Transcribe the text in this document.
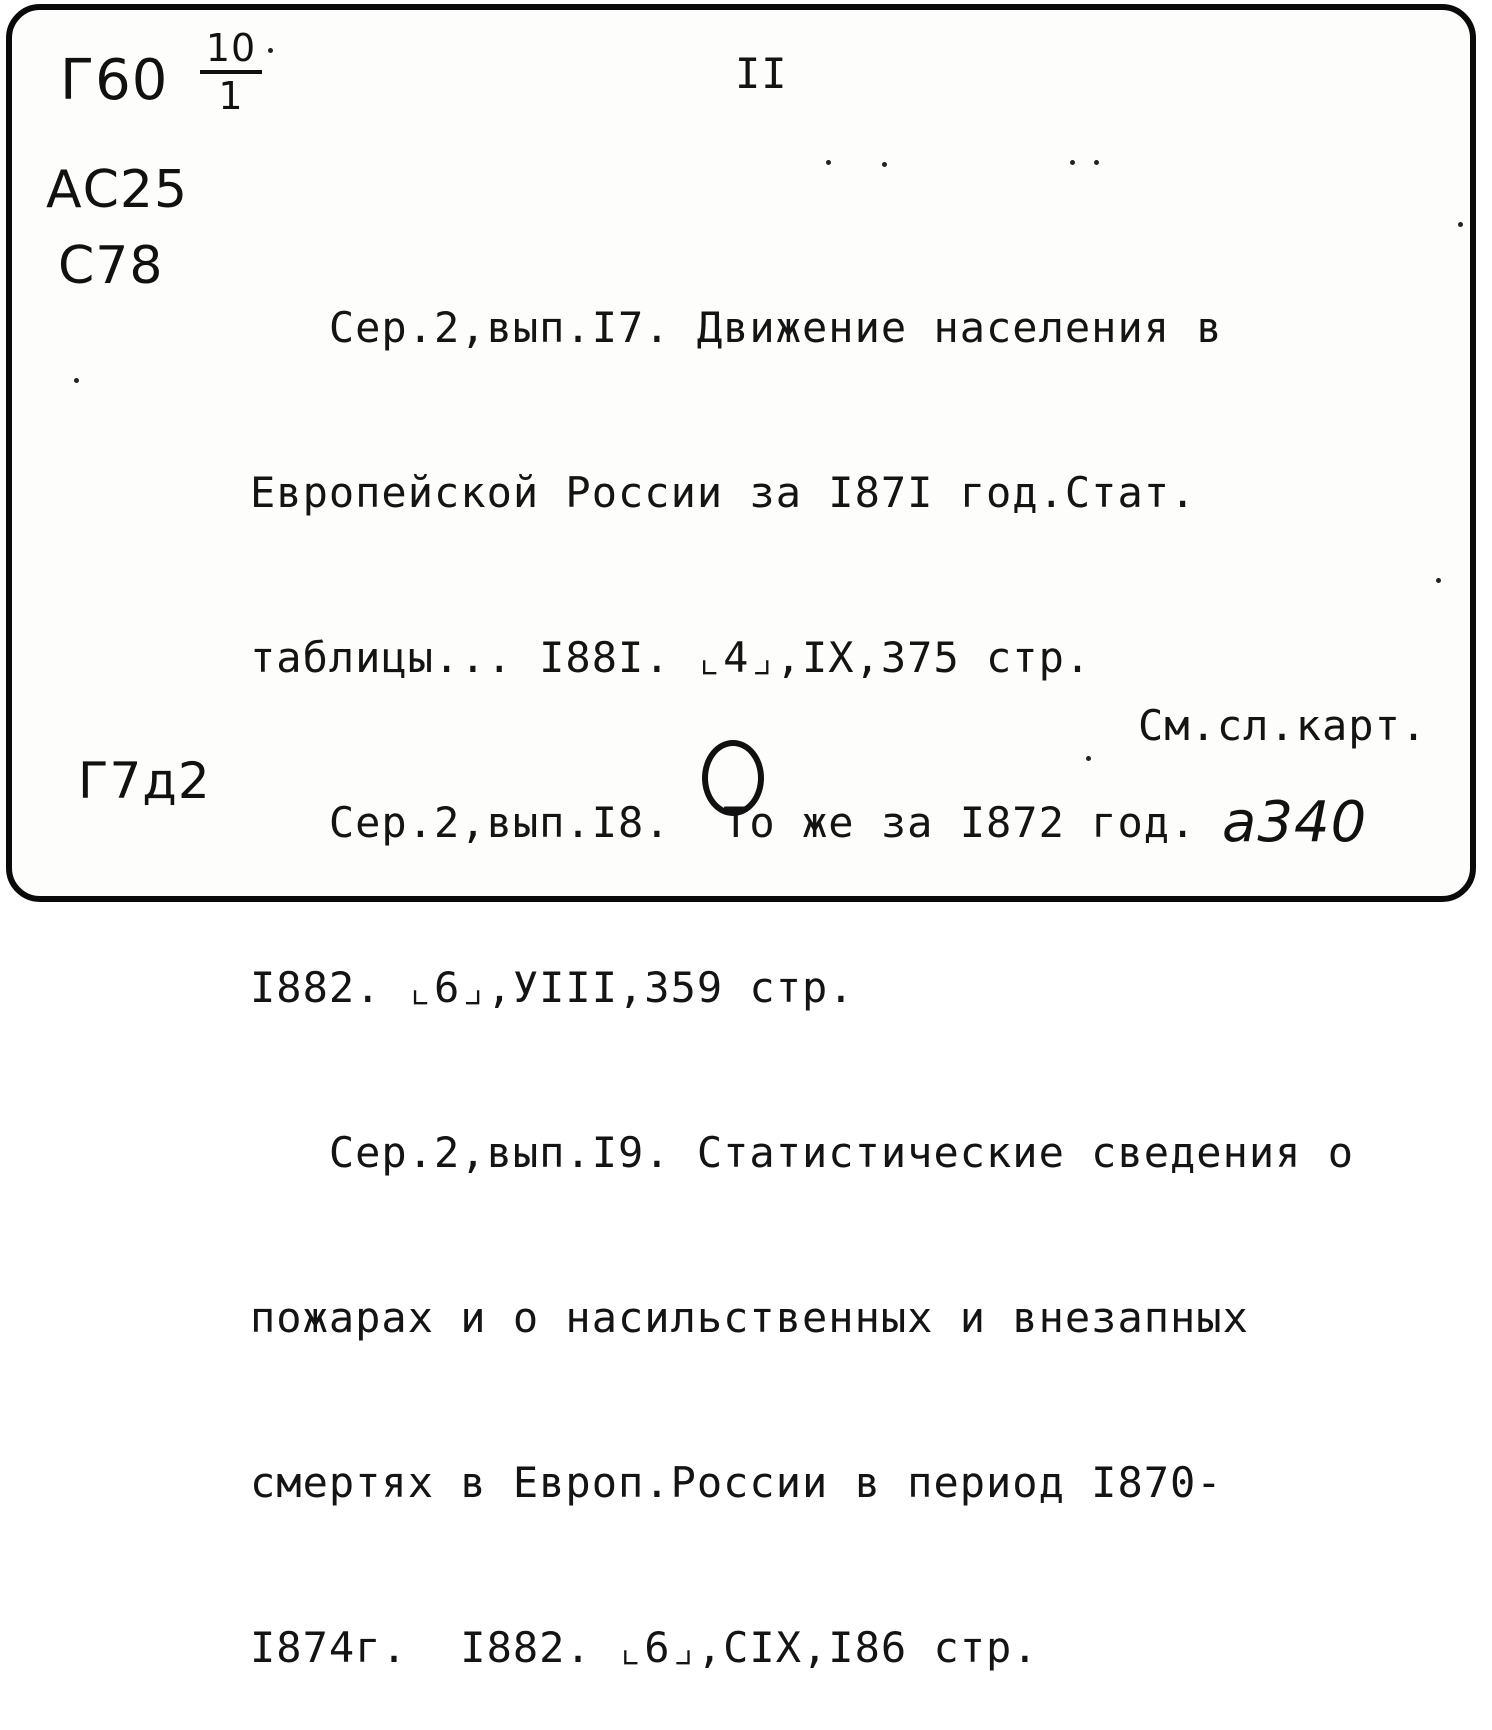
Г60 10
1
АС25
С78
II

Сер.2,вып.I7. Движение населения в

Европейской России за I87I год.Стат.

таблицы... I88I. ⌞4⌟,IX,375 стр.

Сер.2,вып.I8.  То же за I872 год.

I882. ⌞6⌟,УIII,359 стр.

Сер.2,вып.I9. Статистические сведения о

пожарах и о насильственных и внезапных

смертях в Европ.России в период I870-

I874г.  I882. ⌞6⌟,CIX,I86 стр.

См.сл.карт.
Г7д2
а340
